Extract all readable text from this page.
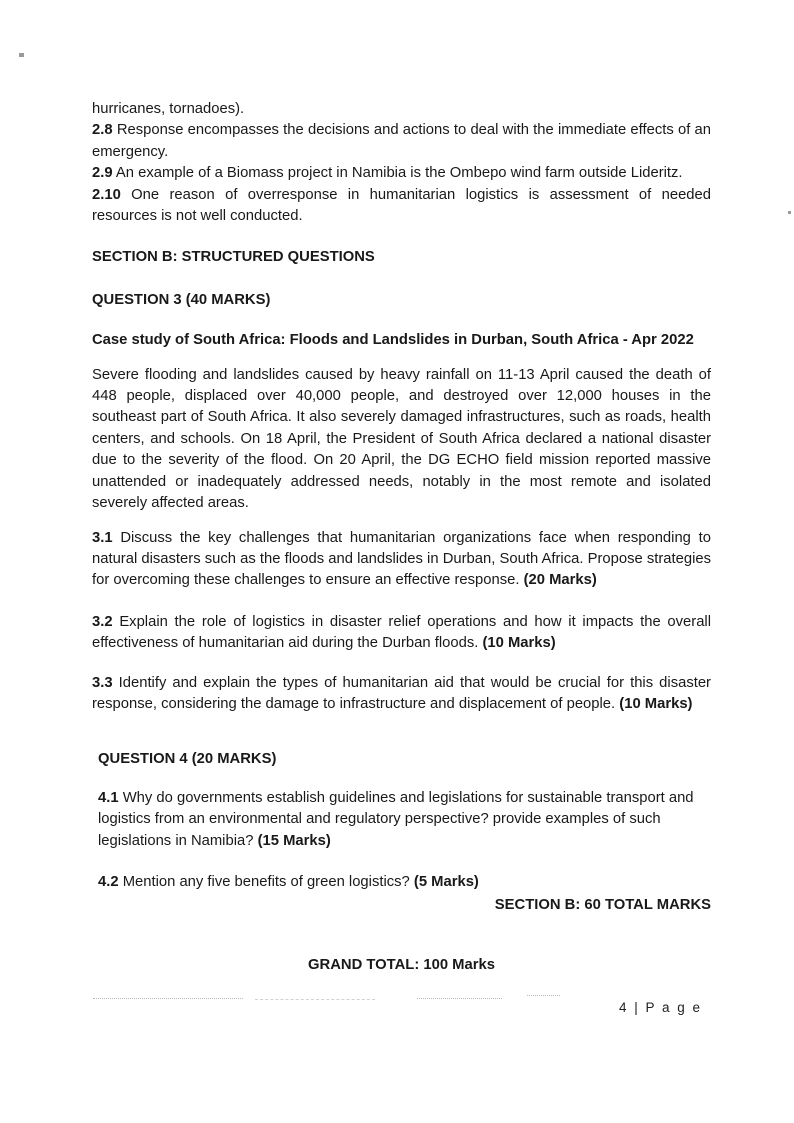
hurricanes, tornadoes).

2.8 Response encompasses the decisions and actions to deal with the immediate effects of an emergency.

2.9 An example of a Biomass project in Namibia is the Ombepo wind farm outside Lideritz.

2.10 One reason of overresponse in humanitarian logistics is assessment of needed resources is not well conducted.

SECTION B: STRUCTURED QUESTIONS

QUESTION 3 (40 MARKS)

Case study of South Africa: Floods and Landslides in Durban, South Africa - Apr 2022

Severe flooding and landslides caused by heavy rainfall on 11-13 April caused the death of 448 people, displaced over 40,000 people, and destroyed over 12,000 houses in the southeast part of South Africa. It also severely damaged infrastructures, such as roads, health centers, and schools. On 18 April, the President of South Africa declared a national disaster due to the severity of the flood. On 20 April, the DG ECHO field mission reported massive unattended or inadequately addressed needs, notably in the most remote and isolated severely affected areas.

3.1 Discuss the key challenges that humanitarian organizations face when responding to natural disasters such as the floods and landslides in Durban, South Africa. Propose strategies for overcoming these challenges to ensure an effective response. (20 Marks)

3.2 Explain the role of logistics in disaster relief operations and how it impacts the overall effectiveness of humanitarian aid during the Durban floods. (10 Marks)

3.3 Identify and explain the types of humanitarian aid that would be crucial for this disaster response, considering the damage to infrastructure and displacement of people. (10 Marks)

QUESTION 4 (20 MARKS)

4.1 Why do governments establish guidelines and legislations for sustainable transport and logistics from an environmental and regulatory perspective? provide examples of such legislations in Namibia? (15 Marks)

4.2 Mention any five benefits of green logistics? (5 Marks)

SECTION B: 60 TOTAL MARKS

GRAND TOTAL: 100 Marks

4 | P a g e
